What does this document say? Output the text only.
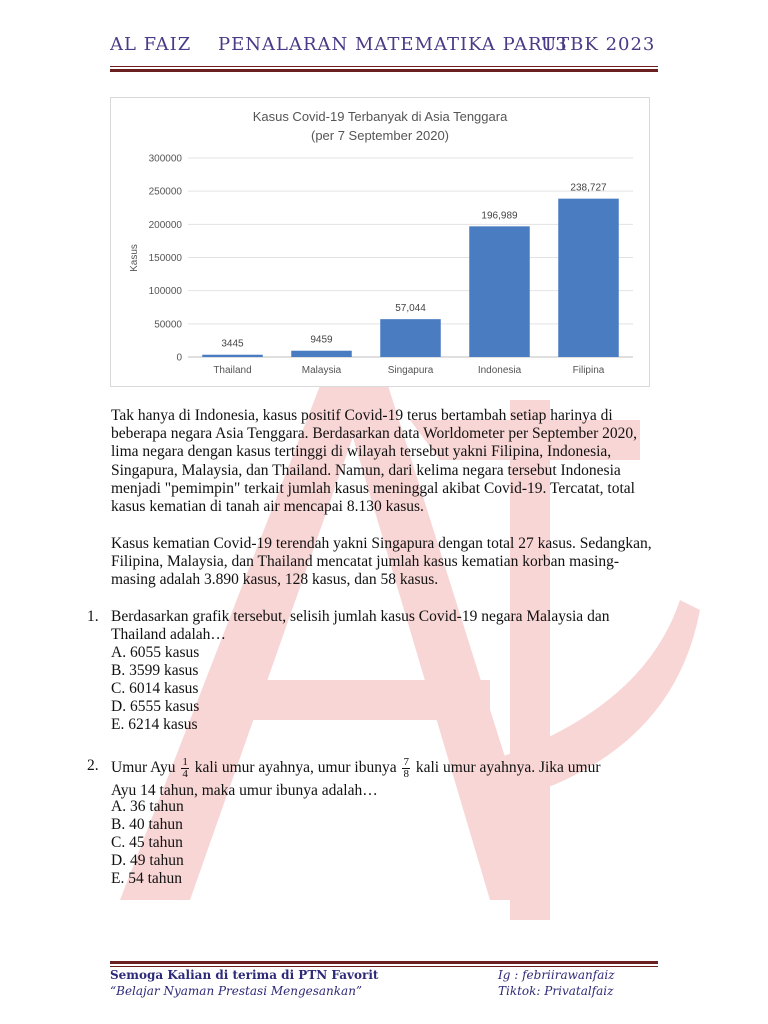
AL FAIZ PENALARAN MATEMATIKA PART3
UTBK 2023
Kasus Covid-19 Terbanyak di Asia Tenggara
(per 7 September 2020)
Kasus
0
50000
100000
150000
200000
250000
300000
3445
Thailand
9459
Malaysia
57,044
Singapura
196,989
Indonesia
238,727
Filipina

Tak hanya di Indonesia, kasus positif Covid-19 terus bertambah setiap harinya di beberapa negara Asia Tenggara. Berdasarkan data Worldometer per September 2020, lima negara dengan kasus tertinggi di wilayah tersebut yakni Filipina, Indonesia, Singapura, Malaysia, dan Thailand. Namun, dari kelima negara tersebut Indonesia menjadi "pemimpin" terkait jumlah kasus meninggal akibat Covid-19. Tercatat, total kasus kematian di tanah air mencapai 8.130 kasus.

Kasus kematian Covid-19 terendah yakni Singapura dengan total 27 kasus. Sedangkan, Filipina, Malaysia, dan Thailand mencatat jumlah kasus kematian korban masing-masing adalah 3.890 kasus, 128 kasus, dan 58 kasus.

1. Berdasarkan grafik tersebut, selisih jumlah kasus Covid-19 negara Malaysia dan Thailand adalah…
A. 6055 kasus
B. 3599 kasus
C. 6014 kasus
D. 6555 kasus
E. 6214 kasus
2. Umur Ayu $\frac{1}{4}$ kali umur ayahnya, umur ibunya $\frac{7}{8}$ kali umur ayahnya. Jika umur
Ayu 14 tahun, maka umur ibunya adalah…
A. 36 tahun
B. 40 tahun
C. 45 tahun
D. 49 tahun
E. 54 tahun
Semoga Kalian di terima di PTN Favorit
“Belajar Nyaman Prestasi Mengesankan”
Ig : febriirawanfaiz
Tiktok: Privatalfaiz
